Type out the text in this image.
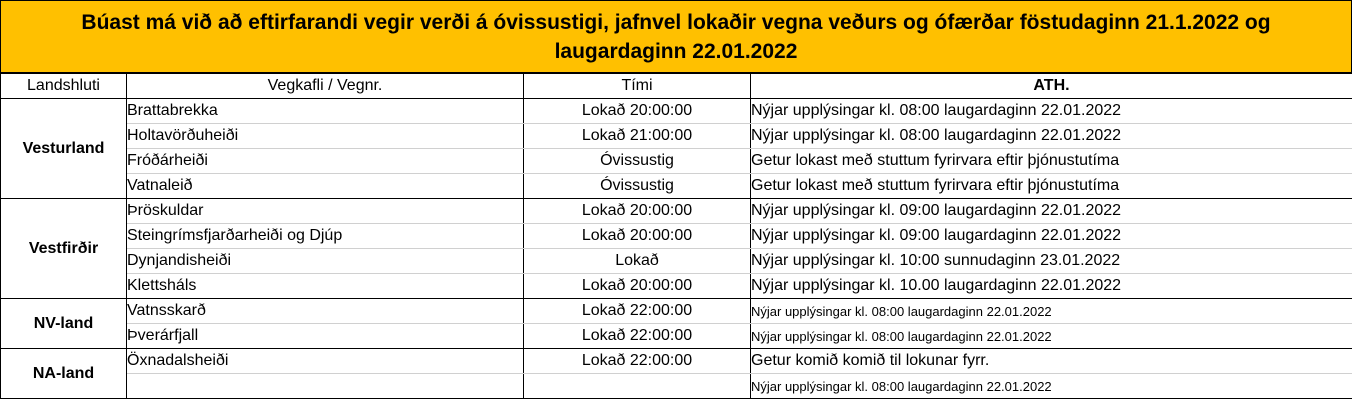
Búast má við að eftirfarandi vegir verði á óvissustigi, jafnvel lokaðir vegna veðurs og ófærðar föstudaginn 21.1.2022 og laugardaginn 22.01.2022
Landshluti	Vegkafli / Vegnr.	Tími	ATH.
Vesturland	Brattabrekka	Lokað 20:00:00	Nýjar upplýsingar kl. 08:00 laugardaginn 22.01.2022
	Holtavörðuheiði	Lokað 21:00:00	Nýjar upplýsingar kl. 08:00 laugardaginn 22.01.2022
	Fróðárheiði	Óvissustig	Getur lokast með stuttum fyrirvara eftir þjónustutíma
	Vatnaleið	Óvissustig	Getur lokast með stuttum fyrirvara eftir þjónustutíma
Vestfirðir	Þröskuldar	Lokað 20:00:00	Nýjar upplýsingar kl. 09:00 laugardaginn 22.01.2022
	Steingrímsfjarðarheiði og Djúp	Lokað 20:00:00	Nýjar upplýsingar kl. 09:00 laugardaginn 22.01.2022
	Dynjandisheiði	Lokað	Nýjar upplýsingar kl. 10:00 sunnudaginn 23.01.2022
	Klettsháls	Lokað 20:00:00	Nýjar upplýsingar kl. 10.00 laugardaginn 22.01.2022
NV-land	Vatnsskarð	Lokað 22:00:00	Nýjar upplýsingar kl. 08:00 laugardaginn 22.01.2022
	Þverárfjall	Lokað 22:00:00	Nýjar upplýsingar kl. 08:00 laugardaginn 22.01.2022
NA-land	Öxnadalsheiði	Lokað 22:00:00	Getur komið komið til lokunar fyrr.
			Nýjar upplýsingar kl. 08:00 laugardaginn 22.01.2022
